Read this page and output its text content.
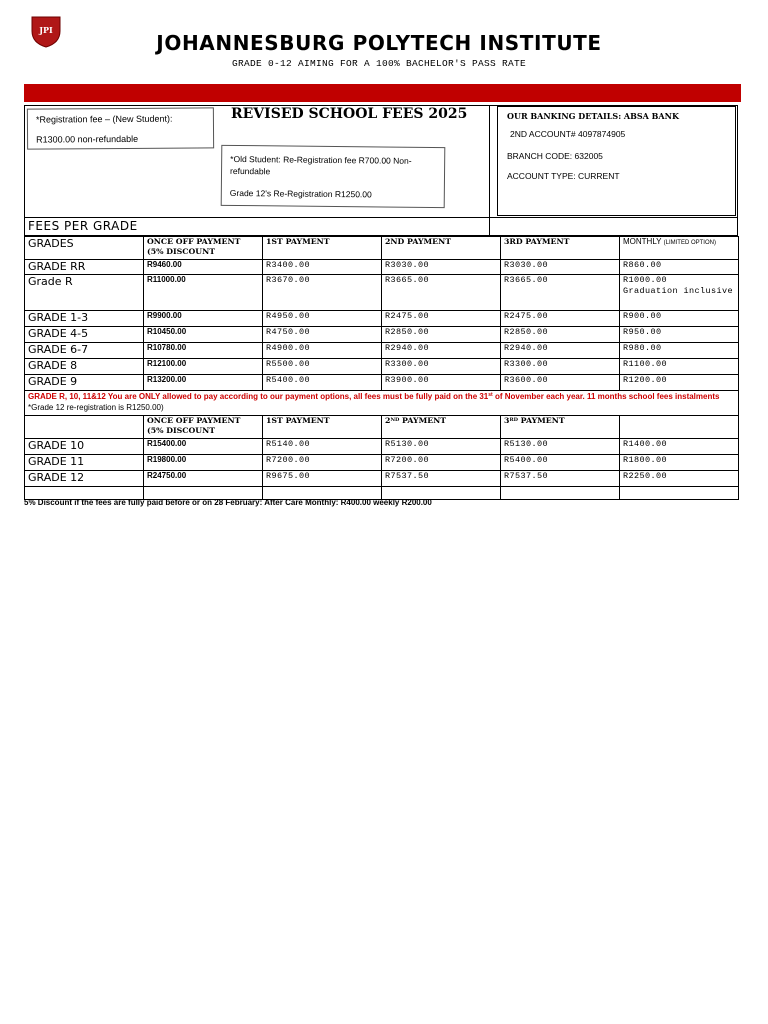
JPI
JOHANNESBURG POLYTECH INSTITUTE
GRADE 0-12 AIMING FOR A 100% BACHELOR'S PASS RATE
*Registration fee – (New Student):
R1300.00 non-refundable
REVISED SCHOOL FEES 2025
*Old Student: Re-Registration fee R700.00 Non-
refundable
Grade 12's Re-Registration R1250.00
OUR BANKING DETAILS: ABSA BANK
2ND ACCOUNT# 4097874905
BRANCH CODE: 632005
ACCOUNT TYPE: CURRENT
FEES PER GRADE
GRADES	ONCE OFF PAYMENT (5% DISCOUNT	1ST PAYMENT	2ND PAYMENT	3RD PAYMENT	MONTHLY (LIMITED OPTION)
GRADE RR	R9460.00	R3400.00	R3030.00	R3030.00	R860.00
Grade R	R11000.00	R3670.00	R3665.00	R3665.00	R1000.00
Graduation inclusive

GRADE 1-3	R9900.00	R4950.00	R2475.00	R2475.00	R900.00
GRADE 4-5	R10450.00	R4750.00	R2850.00	R2850.00	R950.00
GRADE 6-7	R10780.00	R4900.00	R2940.00	R2940.00	R980.00
GRADE 8	R12100.00	R5500.00	R3300.00	R3300.00	R1100.00
GRADE 9	R13200.00	R5400.00	R3900.00	R3600.00	R1200.00
GRADE R, 10, 11&12 You are ONLY allowed to pay according to our payment options, all fees must be fully paid on the 31st of November each year. 11 months school fees instalments *Grade 12 re-registration is R1250.00)					
	ONCE OFF PAYMENT (5% DISCOUNT	1ST PAYMENT	2ND PAYMENT	3RD PAYMENT	
GRADE 10	R15400.00	R5140.00	R5130.00	R5130.00	R1400.00
GRADE 11	R19800.00	R7200.00	R7200.00	R5400.00	R1800.00
GRADE 12	R24750.00	R9675.00	R7537.50	R7537.50	R2250.00

5% Discount if the fees are fully paid before or on 28 February: After Care Monthly: R400.00 weekly R200.00
